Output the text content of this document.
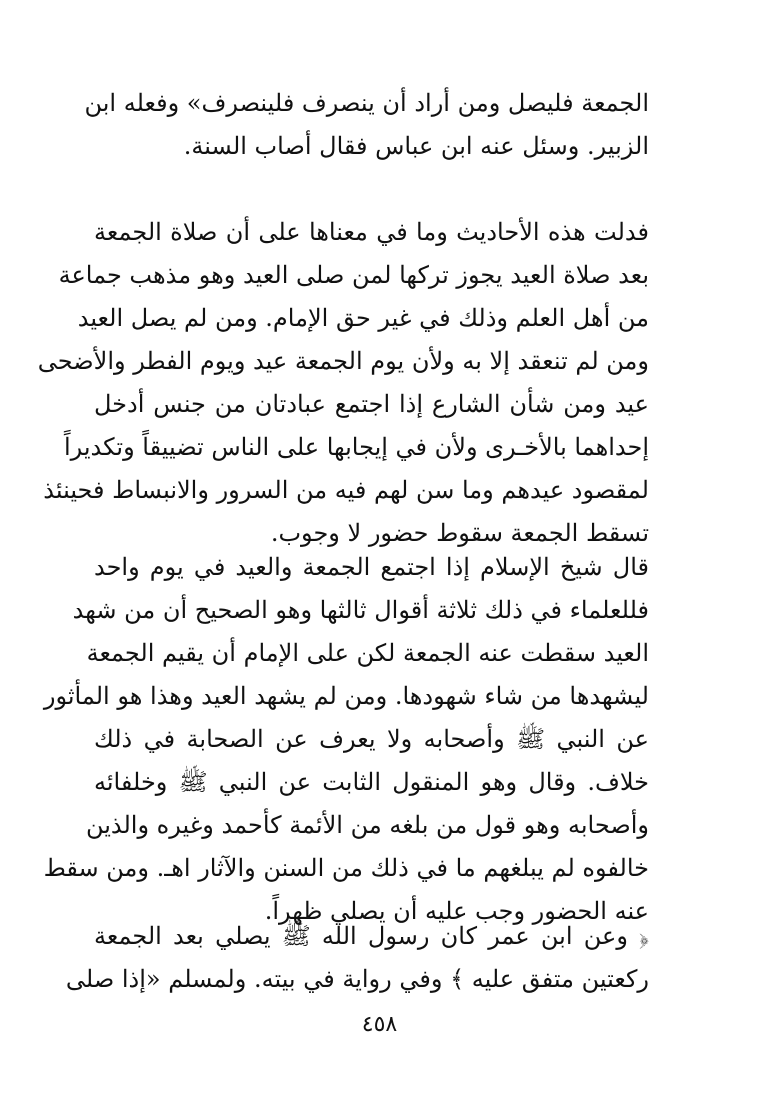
الجمعة فليصل ومن أراد أن ينصرف فلينصرف» وفعله ابن
الزبير. وسئل عنه ابن عباس فقال أصاب السنة.
فدلت هذه الأحاديث وما في معناها على أن صلاة الجمعة
بعد صلاة العيد يجوز تركها لمن صلى العيد وهو مذهب جماعة
من أهل العلم وذلك في غير حق الإمام. ومن لم يصل العيد
ومن لم تنعقد إلا به ولأن يوم الجمعة عيد ويوم الفطر والأضحى
عيد ومن شأن الشارع إذا اجتمع عبادتان من جنس أدخل
إحداهما بالأخـرى ولأن في إيجابها على الناس تضييقاً وتكديراً
لمقصود عيدهم وما سن لهم فيه من السرور والانبساط فحينئذ
تسقط الجمعة سقوط حضور لا وجوب.
قال شيخ الإسلام إذا اجتمع الجمعة والعيد في يوم واحد
فللعلماء في ذلك ثلاثة أقوال ثالثها وهو الصحيح أن من شهد
العيد سقطت عنه الجمعة لكن على الإمام أن يقيم الجمعة
ليشهدها من شاء شهودها. ومن لم يشهد العيد وهذا هو المأثور
عن النبي ﷺ وأصحابه ولا يعرف عن الصحابة في ذلك
خلاف. وقال وهو المنقول الثابت عن النبي ﷺ وخلفائه
وأصحابه وهو قول من بلغه من الأئمة كأحمد وغيره والذين
خالفوه لم يبلغهم ما في ذلك من السنن والآثار اهـ. ومن سقط
عنه الحضور وجب عليه أن يصلي ظهراً.
﴿ وعن ابن عمر كان رسول الله ﷺ يصلي بعد الجمعة
ركعتين متفق عليه ﴾ وفي رواية في بيته. ولمسلم «إذا صلى
٤٥٨
